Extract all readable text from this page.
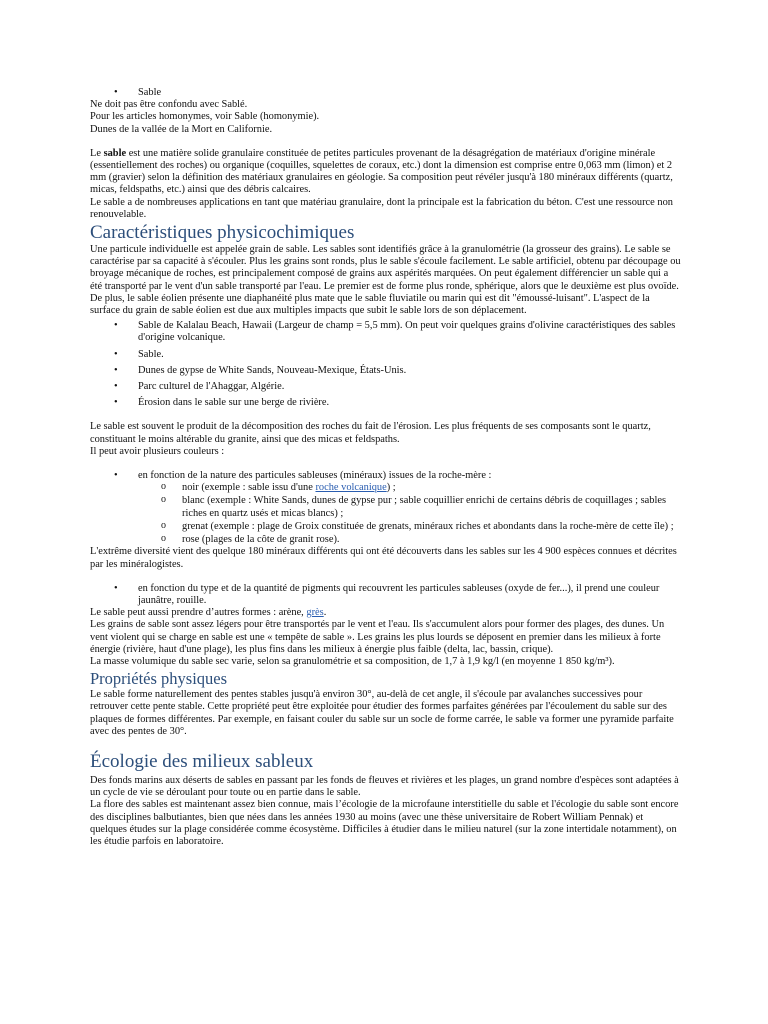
• Sable

Ne doit pas être confondu avec Sablé.

Pour les articles homonymes, voir Sable (homonymie).

Dunes de la vallée de la Mort en Californie.

Le sable est une matière solide granulaire constituée de petites particules provenant de la désagrégation de matériaux d'origine minérale (essentiellement des roches) ou organique (coquilles, squelettes de coraux, etc.) dont la dimension est comprise entre 0,063 mm (limon) et 2 mm (gravier) selon la définition des matériaux granulaires en géologie. Sa composition peut révéler jusqu'à 180 minéraux différents (quartz, micas, feldspaths, etc.) ainsi que des débris calcaires.

Le sable a de nombreuses applications en tant que matériau granulaire, dont la principale est la fabrication du béton. C'est une ressource non renouvelable.

Caractéristiques physicochimiques

Une particule individuelle est appelée grain de sable. Les sables sont identifiés grâce à la granulométrie (la grosseur des grains). Le sable se caractérise par sa capacité à s'écouler. Plus les grains sont ronds, plus le sable s'écoule facilement. Le sable artificiel, obtenu par découpage ou broyage mécanique de roches, est principalement composé de grains aux aspérités marquées. On peut également différencier un sable qui a été transporté par le vent d'un sable transporté par l'eau. Le premier est de forme plus ronde, sphérique, alors que le deuxième est plus ovoïde. De plus, le sable éolien présente une diaphanéité plus mate que le sable fluviatile ou marin qui est dit "émoussé-luisant". L'aspect de la surface du grain de sable éolien est due aux multiples impacts que subit le sable lors de son déplacement.

• Sable de Kalalau Beach, Hawaii (Largeur de champ = 5,5 mm). On peut voir quelques grains d'olivine caractéristiques des sables d'origine volcanique.
• Sable.
• Dunes de gypse de White Sands, Nouveau-Mexique, États-Unis.
• Parc culturel de l'Ahaggar, Algérie.
• Érosion dans le sable sur une berge de rivière.

Le sable est souvent le produit de la décomposition des roches du fait de l'érosion. Les plus fréquents de ses composants sont le quartz, constituant le moins altérable du granite, ainsi que des micas et feldspaths.

Il peut avoir plusieurs couleurs :

• en fonction de la nature des particules sableuses (minéraux) issues de la roche-mère :
o noir (exemple : sable issu d'une roche volcanique) ;
o blanc (exemple : White Sands, dunes de gypse pur ; sable coquillier enrichi de certains débris de coquillages ; sables riches en quartz usés et micas blancs) ;
o grenat (exemple : plage de Groix constituée de grenats, minéraux riches et abondants dans la roche-mère de cette île) ;
o rose (plages de la côte de granit rose).

L'extrême diversité vient des quelque 180 minéraux différents qui ont été découverts dans les sables sur les 4 900 espèces connues et décrites par les minéralogistes.

• en fonction du type et de la quantité de pigments qui recouvrent les particules sableuses (oxyde de fer...), il prend une couleur jaunâtre, rouille.

Le sable peut aussi prendre d’autres formes : arène, grès.

Les grains de sable sont assez légers pour être transportés par le vent et l'eau. Ils s'accumulent alors pour former des plages, des dunes. Un vent violent qui se charge en sable est une « tempête de sable ». Les grains les plus lourds se déposent en premier dans les milieux à forte énergie (rivière, haut d'une plage), les plus fins dans les milieux à énergie plus faible (delta, lac, bassin, crique).

La masse volumique du sable sec varie, selon sa granulométrie et sa composition, de 1,7 à 1,9 kg/l (en moyenne 1 850 kg/m³).

Propriétés physiques

Le sable forme naturellement des pentes stables jusqu'à environ 30°, au-delà de cet angle, il s'écoule par avalanches successives pour retrouver cette pente stable. Cette propriété peut être exploitée pour étudier des formes parfaites générées par l'écoulement du sable sur des plaques de formes différentes. Par exemple, en faisant couler du sable sur un socle de forme carrée, le sable va former une pyramide parfaite avec des pentes de 30°.

Écologie des milieux sableux

Des fonds marins aux déserts de sables en passant par les fonds de fleuves et rivières et les plages, un grand nombre d'espèces sont adaptées à un cycle de vie se déroulant pour toute ou en partie dans le sable.

La flore des sables est maintenant assez bien connue, mais l’écologie de la microfaune interstitielle du sable et l'écologie du sable sont encore des disciplines balbutiantes, bien que nées dans les années 1930 au moins (avec une thèse universitaire de Robert William Pennak) et quelques études sur la plage considérée comme écosystème. Difficiles à étudier dans le milieu naturel (sur la zone intertidale notamment), on les étudie parfois en laboratoire.
